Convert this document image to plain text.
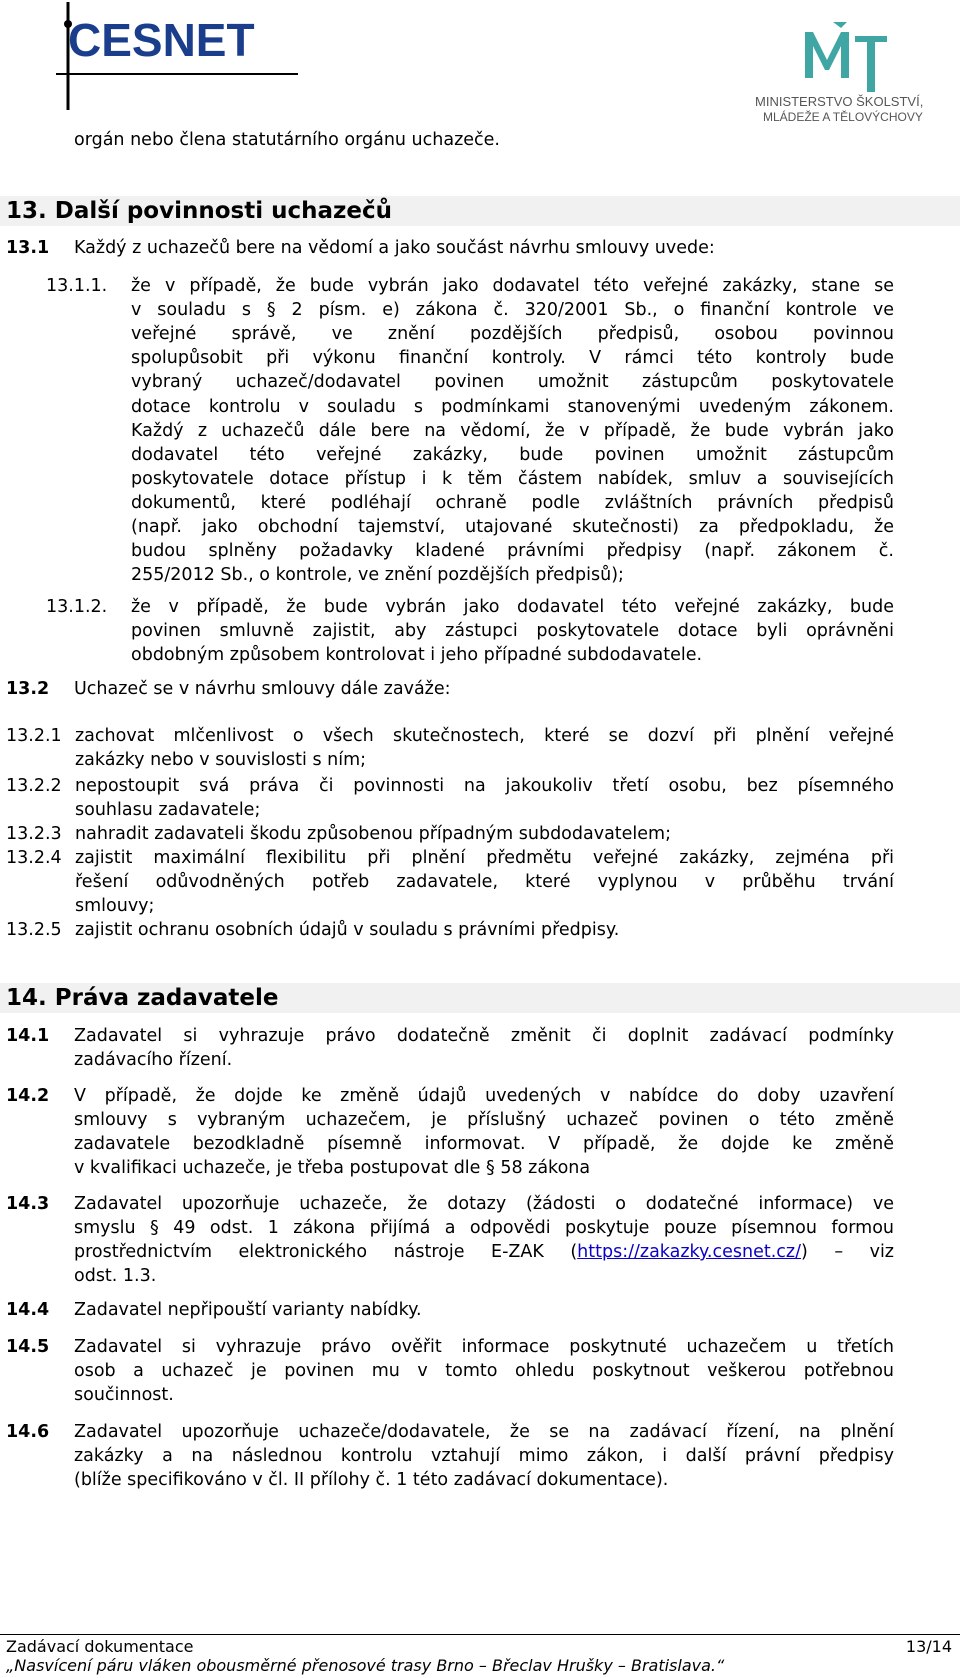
CESNET
MINISTERSTVO ŠKOLSTVÍ,
MLÁDEŽE A TĚLOVÝCHOVY
orgán nebo člena statutárního orgánu uchazeče.
13. Další povinnosti uchazečů
13.1 Každý z uchazečů bere na vědomí a jako součást návrhu smlouvy uvede:
13.1.1. že v případě, že bude vybrán jako dodavatel této veřejné zakázky, stane se
v souladu s § 2 písm. e) zákona č. 320/2001 Sb., o finanční kontrole ve
veřejné správě, ve znění pozdějších předpisů, osobou povinnou
spolupůsobit při výkonu finanční kontroly. V rámci této kontroly bude
vybraný uchazeč/dodavatel povinen umožnit zástupcům poskytovatele
dotace kontrolu v souladu s podmínkami stanovenými uvedeným zákonem.
Každý z uchazečů dále bere na vědomí, že v případě, že bude vybrán jako
dodavatel této veřejné zakázky, bude povinen umožnit zástupcům
poskytovatele dotace přístup i k těm částem nabídek, smluv a souvisejících
dokumentů, které podléhají ochraně podle zvláštních právních předpisů
(např. jako obchodní tajemství, utajované skutečnosti) za předpokladu, že
budou splněny požadavky kladené právními předpisy (např. zákonem č.
255/2012 Sb., o kontrole, ve znění pozdějších předpisů);
13.1.2. že v případě, že bude vybrán jako dodavatel této veřejné zakázky, bude
povinen smluvně zajistit, aby zástupci poskytovatele dotace byli oprávněni
obdobným způsobem kontrolovat i jeho případné subdodavatele.
13.2 Uchazeč se v návrhu smlouvy dále zaváže:
13.2.1 zachovat mlčenlivost o všech skutečnostech, které se dozví při plnění veřejné
zakázky nebo v souvislosti s ním;
13.2.2 nepostoupit svá práva či povinnosti na jakoukoliv třetí osobu, bez písemného
souhlasu zadavatele;
13.2.3 nahradit zadavateli škodu způsobenou případným subdodavatelem;
13.2.4 zajistit maximální flexibilitu při plnění předmětu veřejné zakázky, zejména při
řešení odůvodněných potřeb zadavatele, které vyplynou v průběhu trvání
smlouvy;
13.2.5 zajistit ochranu osobních údajů v souladu s právními předpisy.
14. Práva zadavatele
14.1	Zadavatel si vyhrazuje právo dodatečně změnit či doplnit zadávací podmínky
zadávacího řízení.
14.2	V případě, že dojde ke změně údajů uvedených v nabídce do doby uzavření
smlouvy s vybraným uchazečem, je příslušný uchazeč povinen o této změně
zadavatele bezodkladně písemně informovat. V případě, že dojde ke změně
v kvalifikaci uchazeče, je třeba postupovat dle § 58 zákona
14.3	Zadavatel upozorňuje uchazeče, že dotazy (žádosti o dodatečné informace) ve
smyslu § 49 odst. 1 zákona přijímá a odpovědi poskytuje pouze písemnou formou
prostřednictvím elektronického nástroje E-ZAK (https://zakazky.cesnet.cz/) – viz
odst. 1.3.
14.4	Zadavatel nepřipouští varianty nabídky.
14.5	Zadavatel si vyhrazuje právo ověřit informace poskytnuté uchazečem u třetích
osob a uchazeč je povinen mu v tomto ohledu poskytnout veškerou potřebnou
součinnost.
14.6	Zadavatel upozorňuje uchazeče/dodavatele, že se na zadávací řízení, na plnění
zakázky a na následnou kontrolu vztahují mimo zákon, i další právní předpisy
(blíže specifikováno v čl. II přílohy č. 1 této zadávací dokumentace).
Zadávací dokumentace	13/14
„Nasvícení páru vláken obousměrné přenosové trasy Brno – Břeclav Hrušky – Bratislava.“
